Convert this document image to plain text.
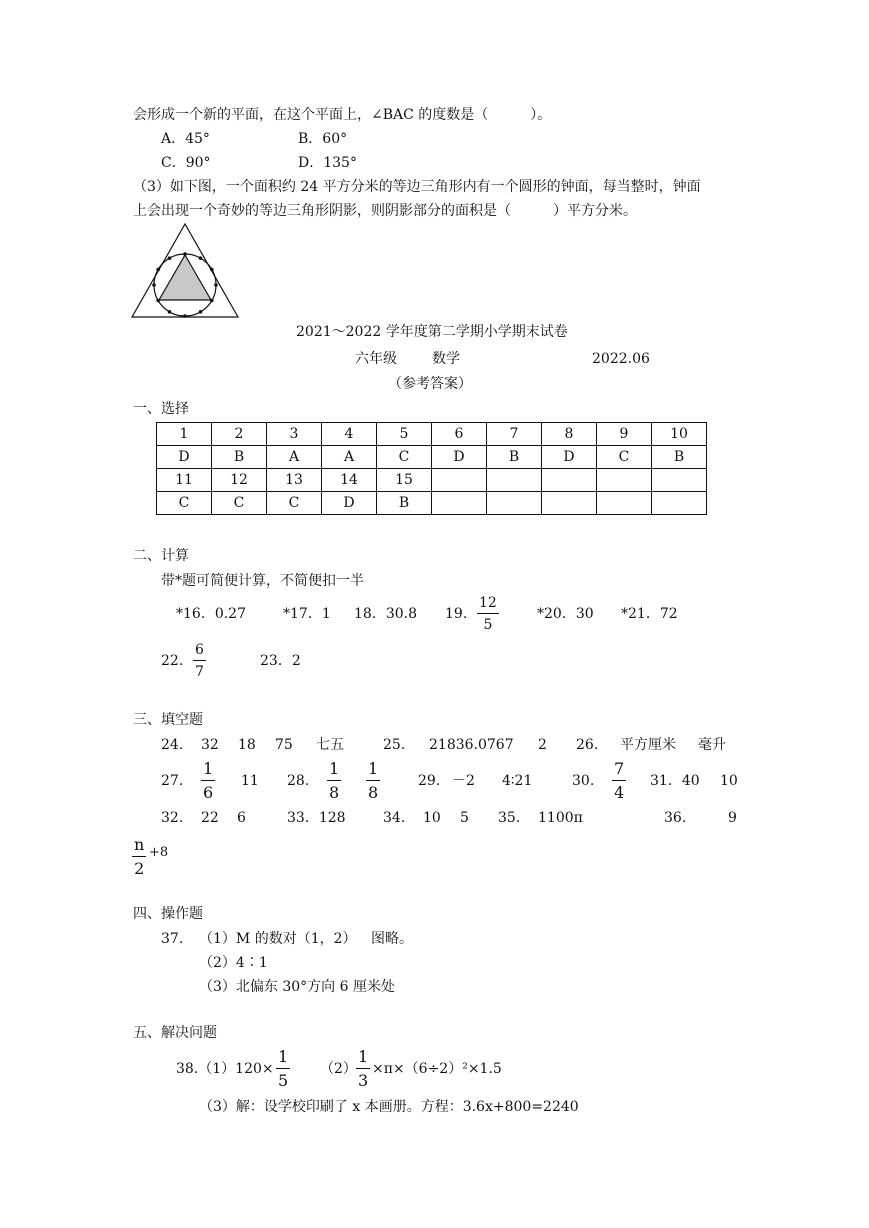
会形成一个新的平面，在这个平面上，∠BAC 的度数是（　　　）。
A．45°	B．60°
C．90°	D．135°
（3）如下图，一个面积约 24 平方分米的等边三角形内有一个圆形的钟面，每当整时，钟面
上会出现一个奇妙的等边三角形阴影，则阴影部分的面积是（　　　）平方分米。
2021～2022 学年度第二学期小学期末试卷
六年级	数学	2022.06
（参考答案）
一、选择
1	2	3	4	5	6	7	8	9	10
D	B	A	A	C	D	B	D	C	B
11	12	13	14	15					
C	C	C	D	B					
二、计算
带*题可简便计算，不简便扣一半
*16．0.27	*17．1 18．30.8 19.
12
5
*20．30 *21．72
22.
6
7
23．2
三、填空题
24. 32 18 75 七五	25. 21836.0767 2 26. 平方厘米 毫升
27.
1
6
11 28.
1
8
1
8
29. －2 4∶21	30.
7
4
31．40 10
32. 22 6	33．128	34. 10 5 35. 1100π	36.	9
n
2
+8
四、操作题
37. （1）M 的数对（1，2） 图略。
（2）4∶1
（3）北偏东 30°方向 6 厘米处
五、解决问题
38.（1）120×
1
5
（2）
1
3
×π×（6÷2）²×1.5
（3）解：设学校印刷了 x 本画册。方程：3.6x+800=2240
